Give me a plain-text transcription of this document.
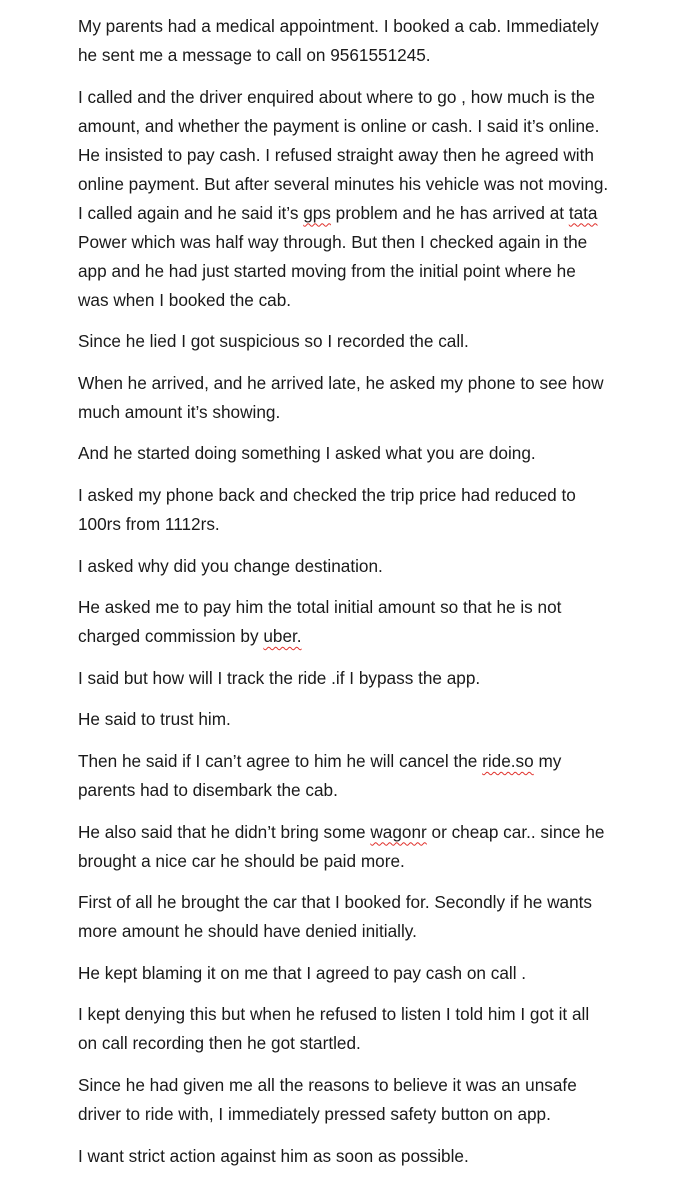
My parents had a medical appointment. I booked a cab. Immediately
he sent me a message to call on 9561551245.

I called and the driver enquired about where to go , how much is the
amount, and whether the payment is online or cash. I said it’s online.
He insisted to pay cash. I refused straight away then he agreed with
online payment. But after several minutes his vehicle was not moving.
I called again and he said it’s gps problem and he has arrived at tata
Power which was half way through. But then I checked again in the
app and he had just started moving from the initial point where he
was when I booked the cab.

Since he lied I got suspicious so I recorded the call.

When he arrived, and he arrived late, he asked my phone to see how
much amount it’s showing.

And he started doing something I asked what you are doing.

I asked my phone back and checked the trip price had reduced to
100rs from 1112rs.

I asked why did you change destination.

He asked me to pay him the total initial amount so that he is not
charged commission by uber.

I said but how will I track the ride .if I bypass the app.

He said to trust him.

Then he said if I can’t agree to him he will cancel the ride.so my
parents had to disembark the cab.

He also said that he didn’t bring some wagonr or cheap car.. since he
brought a nice car he should be paid more.

First of all he brought the car that I booked for. Secondly if he wants
more amount he should have denied initially.

He kept blaming it on me that I agreed to pay cash on call .

I kept denying this but when he refused to listen I told him I got it all
on call recording then he got startled.

Since he had given me all the reasons to believe it was an unsafe
driver to ride with, I immediately pressed safety button on app.

I want strict action against him as soon as possible.
